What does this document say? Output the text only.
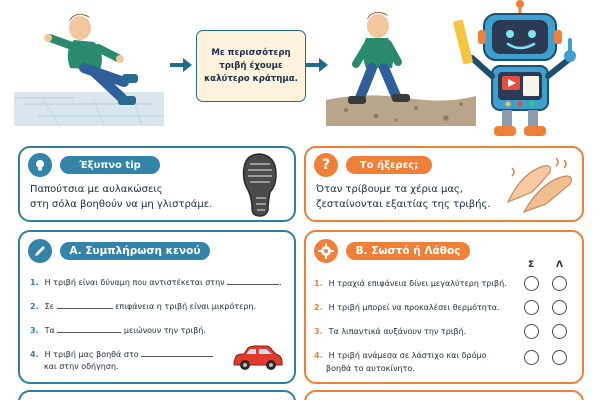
Με περισσότερη
τριβή έχουμε
καλύτερο κράτημα.
Έξυπνο tip
Παπούτσια με αυλακώσεις
στη σόλα βοηθούν να μη γλιστράμε.
?	Το ήξερες;
Όταν τρίβουμε τα χέρια μας,
ζεσταίνονται εξαιτίας της τριβής.
Α. Συμπλήρωση κενού
1. Η τριβή είναι δύναμη που αντιστέκεται στην	.
2. Σε	επιφάνεια η τριβή είναι μικρότερη.
3. Τα	μειώνουν την τριβή.
4. Η τριβή μας βοηθά στο
και στην οδήγηση.
Β. Σωστό ή Λάθος
Σ Λ
1. Η τραχιά επιφάνεια δίνει μεγαλύτερη τριβή.
2. Η τριβή μπορεί να προκαλέσει θερμότητα.
3. Τα λιπαντικά αυξάνουν την τριβή.
4. Η τριβή ανάμεσα σε λάστιχο και δρόμο
βοηθά το αυτοκίνητο.
